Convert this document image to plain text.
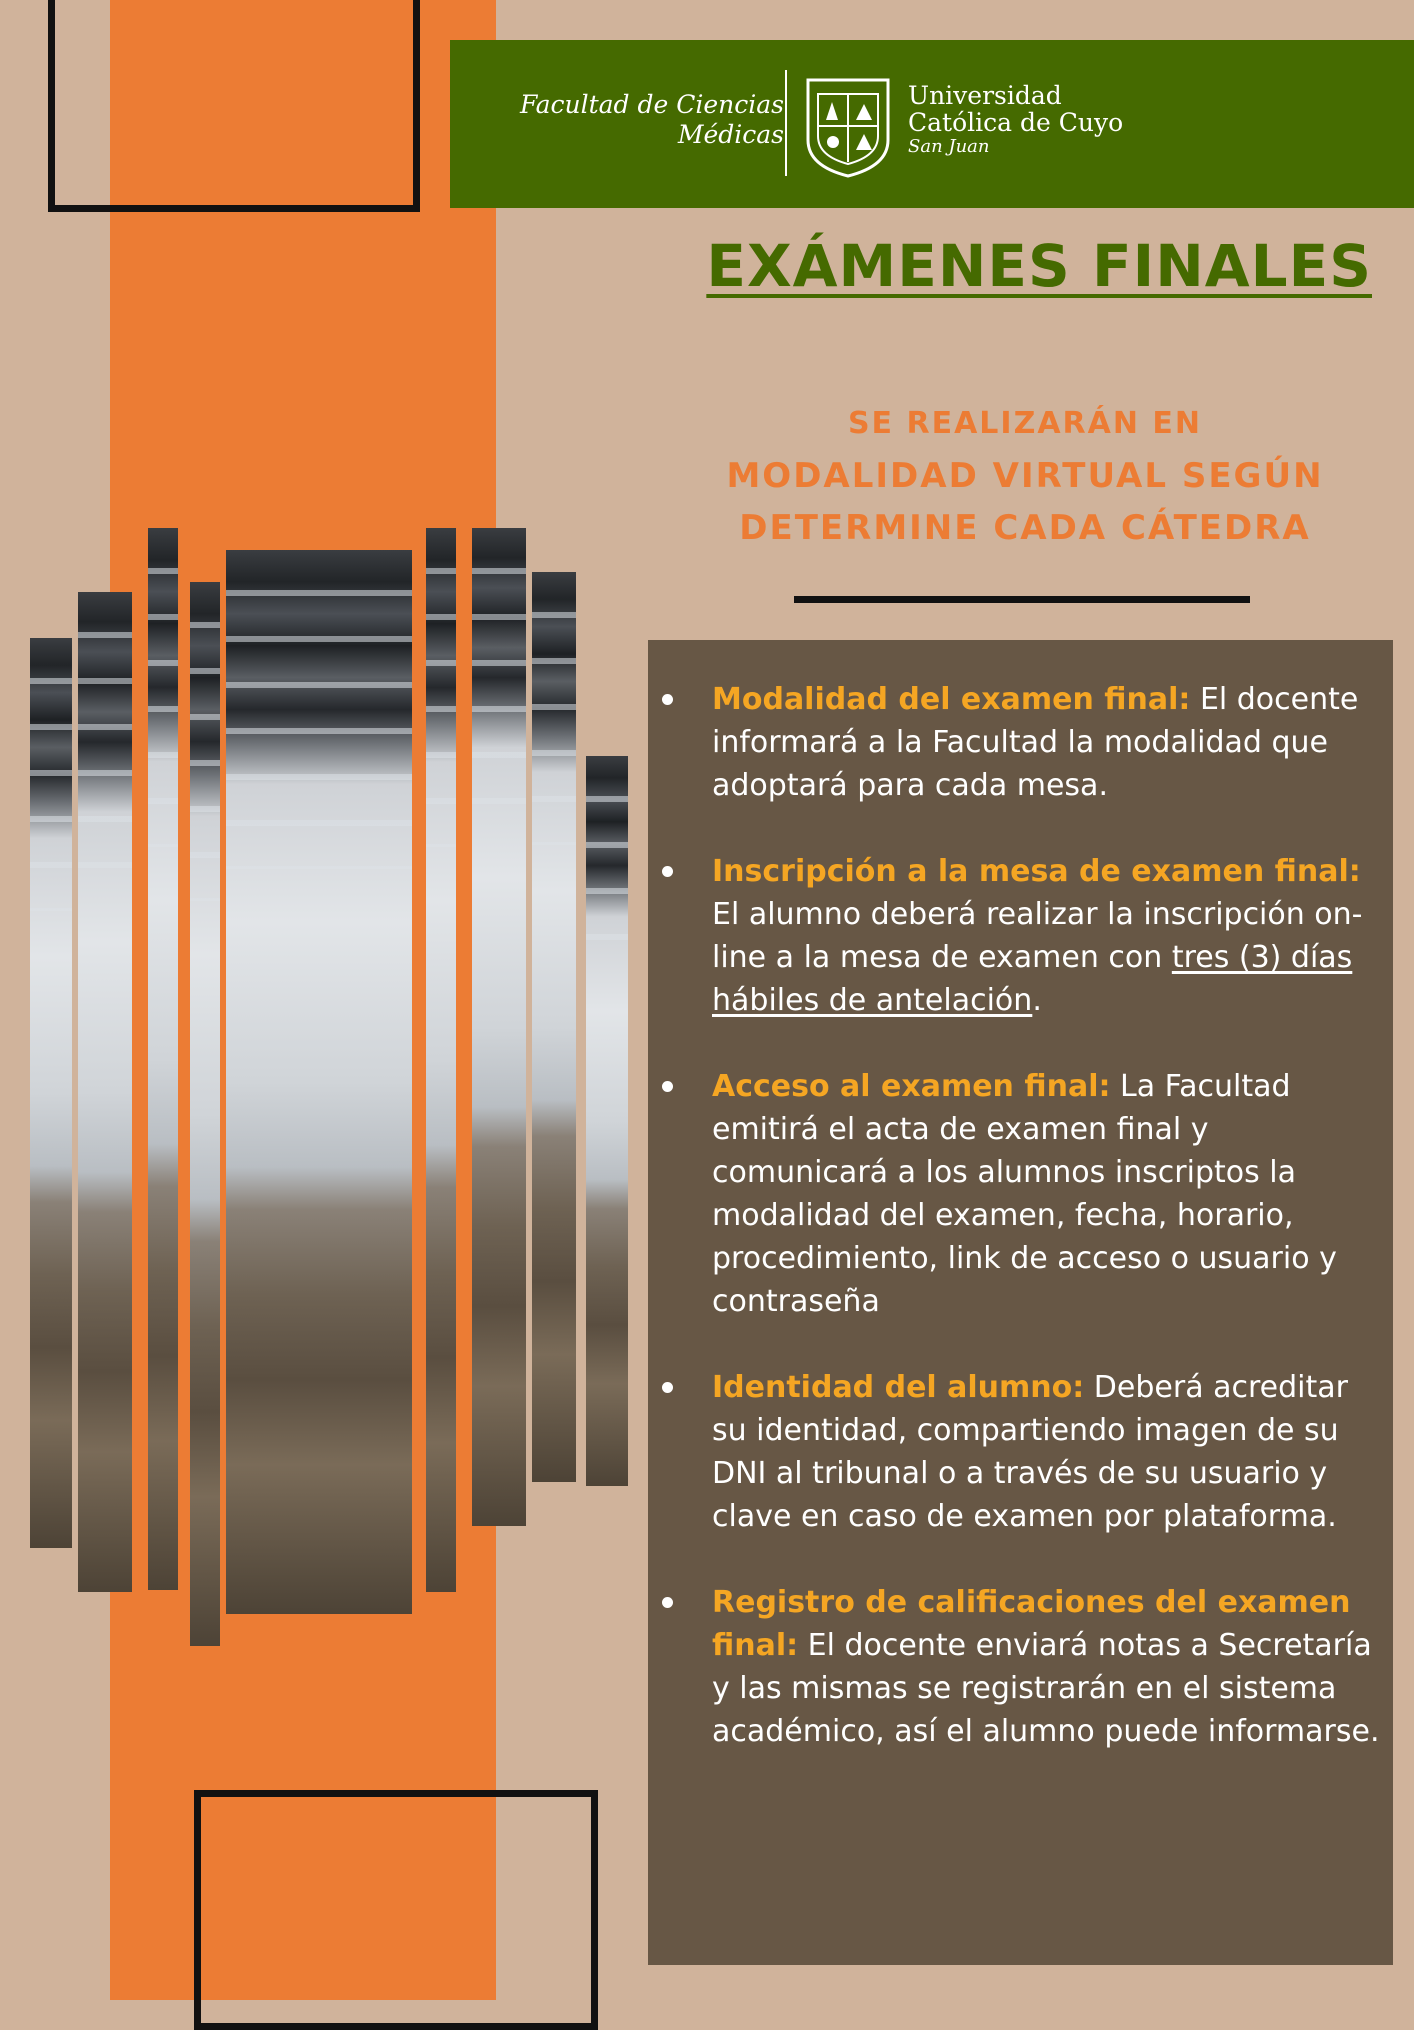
Facultad de Ciencias
Médicas
Universidad
Católica de Cuyo
San Juan
EXÁMENES FINALES
SE REALIZARÁN EN
MODALIDAD VIRTUAL SEGÚN
DETERMINE CADA CÁTEDRA
Modalidad del examen final: El docente informará a la Facultad la modalidad que adoptará para cada mesa.
Inscripción a la mesa de examen final: El alumno deberá realizar la inscripción on-line a la mesa de examen con tres (3) días hábiles de antelación.
Acceso al examen final: La Facultad emitirá el acta de examen final y comunicará a los alumnos inscriptos la modalidad del examen, fecha, horario, procedimiento, link de acceso o usuario y contraseña
Identidad del alumno: Deberá acreditar su identidad, compartiendo imagen de su DNI al tribunal o a través de su usuario y clave en caso de examen por plataforma.
Registro de calificaciones del examen final: El docente enviará notas a Secretaría y las mismas se registrarán en el sistema académico, así el alumno puede informarse.
